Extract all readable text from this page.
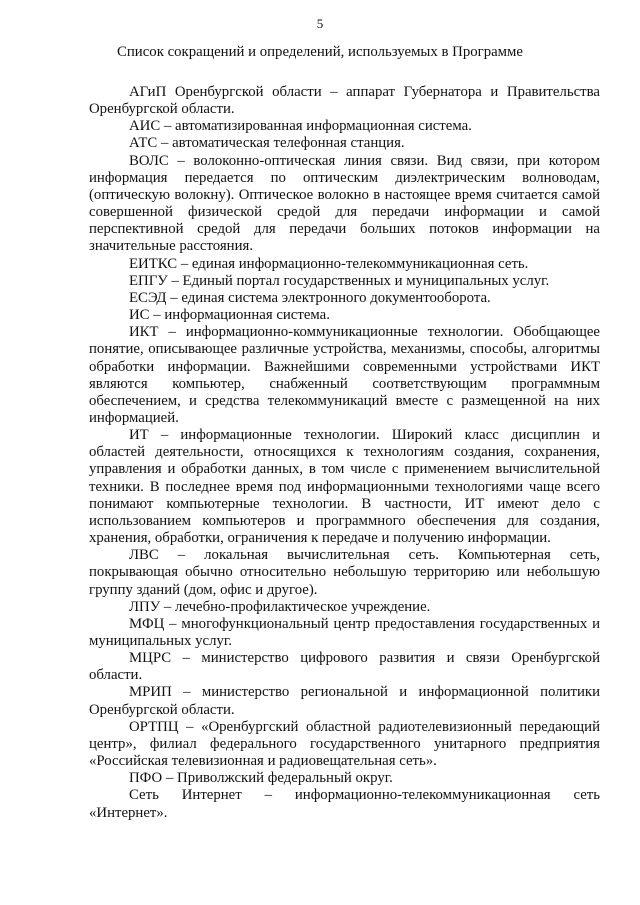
5
Список сокращений и определений, используемых в Программе

АГиП Оренбургской области – аппарат Губернатора и Правительства Оренбургской области.

АИС – автоматизированная информационная система.

АТС – автоматическая телефонная станция.

ВОЛС – волоконно-оптическая линия связи. Вид связи, при котором информация передается по оптическим диэлектрическим волноводам, (оптическую волокну). Оптическое волокно в настоящее время считается самой совершенной физической средой для передачи информации и самой перспективной средой для передачи больших потоков информации на значительные расстояния.

ЕИТКС – единая информационно-телекоммуникационная сеть.

ЕПГУ – Единый портал государственных и муниципальных услуг.

ЕСЭД – единая система электронного документооборота.

ИС – информационная система.

ИКТ – информационно-коммуникационные технологии. Обобщающее понятие, описывающее различные устройства, механизмы, способы, алгоритмы обработки информации. Важнейшими современными устройствами ИКТ являются компьютер, снабженный соответствующим программным обеспечением, и средства телекоммуникаций вместе с размещенной на них информацией.

ИТ – информационные технологии. Широкий класс дисциплин и областей деятельности, относящихся к технологиям создания, сохранения, управления и обработки данных, в том числе с применением вычислительной техники. В последнее время под информационными технологиями чаще всего понимают компьютерные технологии. В частности, ИТ имеют дело с использованием компьютеров и программного обеспечения для создания, хранения, обработки, ограничения к передаче и получению информации.

ЛВС – локальная вычислительная сеть. Компьютерная сеть, покрывающая обычно относительно небольшую территорию или небольшую группу зданий (дом, офис и другое).

ЛПУ – лечебно-профилактическое учреждение.

МФЦ – многофункциональный центр предоставления государственных и муниципальных услуг.

МЦРС – министерство цифрового развития и связи Оренбургской области.

МРИП – министерство региональной и информационной политики Оренбургской области.

ОРТПЦ – «Оренбургский областной радиотелевизионный передающий центр», филиал федерального государственного унитарного предприятия «Российская телевизионная и радиовещательная сеть».

ПФО – Приволжский федеральный округ.

Сеть Интернет – информационно-телекоммуникационная сеть «Интернет».
